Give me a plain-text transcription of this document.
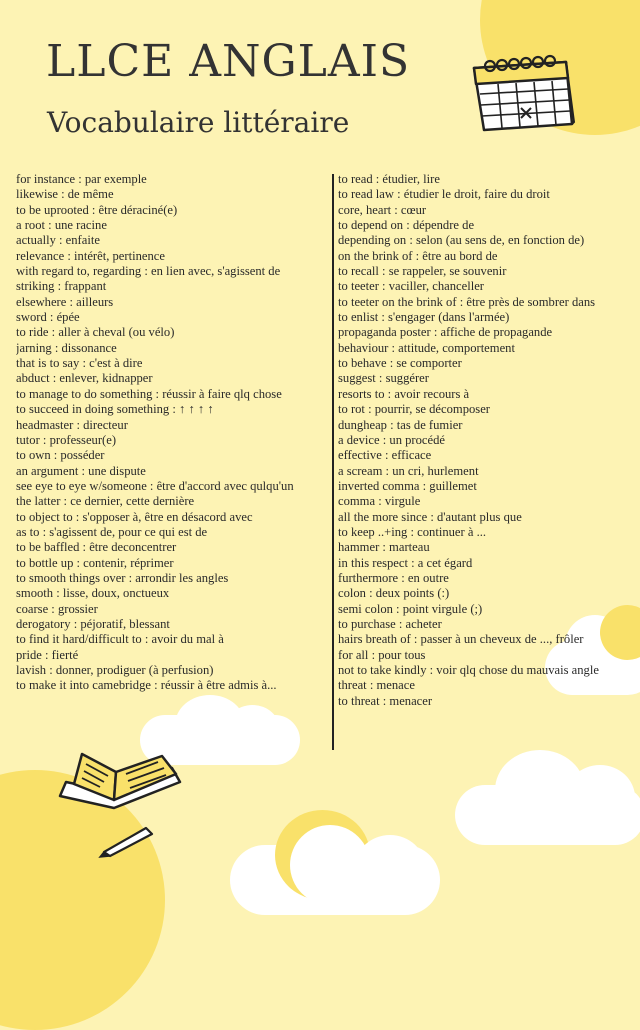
LLCE ANGLAIS
Vocabulaire littéraire
for instance : par exemple
likewise : de même
to be uprooted : être déraciné(e)
a root : une racine
actually : enfaite
relevance : intérêt, pertinence
with regard to, regarding : en lien avec, s'agissent de
striking : frappant
elsewhere : ailleurs
sword : épée
to ride : aller à cheval (ou vélo)
jarning : dissonance
that is to say : c'est à dire
abduct : enlever, kidnapper
to manage to do something : réussir à faire qlq chose
to succeed in doing something : ↑ ↑ ↑ ↑
headmaster : directeur
tutor : professeur(e)
to own : posséder
an argument : une dispute
see eye to eye w/someone : être d'accord avec qulqu'un
the latter : ce dernier, cette dernière
to object to : s'opposer à, être en désacord avec
as to : s'agissent de, pour ce qui est de
to be baffled : être deconcentrer
to bottle up : contenir, réprimer
to smooth things over : arrondir les angles
smooth : lisse, doux, onctueux
coarse : grossier
derogatory : péjoratif, blessant
to find it hard/difficult to : avoir du mal à
pride : fierté
lavish : donner, prodiguer (à perfusion)
to make it into camebridge : réussir à être admis à...
to read : étudier, lire
to read law : étudier le droit, faire du droit
core, heart : cœur
to depend on : dépendre de
depending on : selon (au sens de, en fonction de)
on the brink of : être au bord de
to recall : se rappeler, se souvenir
to teeter : vaciller, chanceller
to teeter on the brink of : être près de sombrer dans
to enlist : s'engager (dans l'armée)
propaganda poster : affiche de propagande
behaviour : attitude, comportement
to behave : se comporter
suggest : suggérer
resorts to : avoir recours à
to rot : pourrir, se décomposer
dungheap : tas de fumier
a device : un procédé
effective : efficace
a scream : un cri, hurlement
inverted comma : guillemet
comma : virgule
all the more since : d'autant plus que
to keep ..+ing : continuer à ...
hammer : marteau
in this respect : a cet égard
furthermore : en outre
colon : deux points (:)
semi colon : point virgule (;)
to purchase : acheter
hairs breath of : passer à un cheveux de ..., frôler
for all : pour tous
not to take kindly : voir qlq chose du mauvais angle
threat : menace
to threat : menacer
